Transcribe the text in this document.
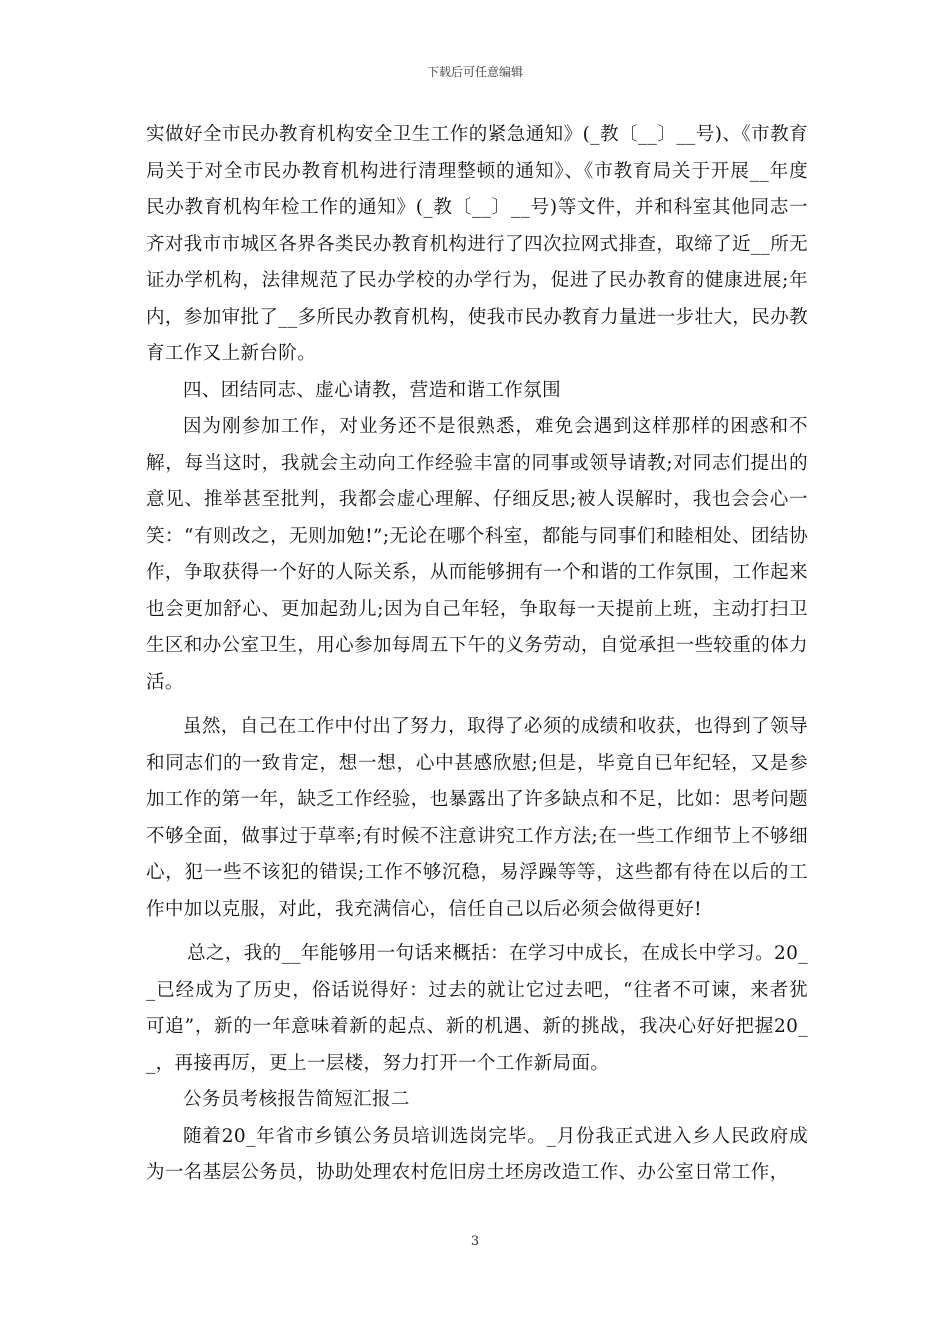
下载后可任意编辑

实做好全市民办教育机构安全卫生工作的紧急通知》(_教〔__〕__号)、《市教育局关于对全市民办教育机构进行清理整顿的通知》、《市教育局关于开展__年度民办教育机构年检工作的通知》(_教〔__〕__号)等文件，并和科室其他同志一齐对我市市城区各界各类民办教育机构进行了四次拉网式排查，取缔了近__所无证办学机构，法律规范了民办学校的办学行为，促进了民办教育的健康进展;年内，参加审批了__多所民办教育机构，使我市民办教育力量进一步壮大，民办教育工作又上新台阶。

四、团结同志、虚心请教，营造和谐工作氛围

因为刚参加工作，对业务还不是很熟悉，难免会遇到这样那样的困惑和不解，每当这时，我就会主动向工作经验丰富的同事或领导请教;对同志们提出的意见、推举甚至批判，我都会虚心理解、仔细反思;被人误解时，我也会会心一笑：“有则改之，无则加勉!”;无论在哪个科室，都能与同事们和睦相处、团结协作，争取获得一个好的人际关系，从而能够拥有一个和谐的工作氛围，工作起来也会更加舒心、更加起劲儿;因为自己年轻，争取每一天提前上班，主动打扫卫生区和办公室卫生，用心参加每周五下午的义务劳动，自觉承担一些较重的体力活。

虽然，自己在工作中付出了努力，取得了必须的成绩和收获，也得到了领导和同志们的一致肯定，想一想，心中甚感欣慰;但是，毕竟自已年纪轻，又是参加工作的第一年，缺乏工作经验，也暴露出了许多缺点和不足，比如：思考问题不够全面，做事过于草率;有时候不注意讲究工作方法;在一些工作细节上不够细心，犯一些不该犯的错误;工作不够沉稳，易浮躁等等，这些都有待在以后的工作中加以克服，对此，我充满信心，信任自己以后必须会做得更好!

总之，我的__年能够用一句话来概括：在学习中成长，在成长中学习。20__已经成为了历史，俗话说得好：过去的就让它过去吧，“往者不可谏，来者犹可追”，新的一年意味着新的起点、新的机遇、新的挑战，我决心好好把握20__，再接再厉，更上一层楼，努力打开一个工作新局面。

公务员考核报告简短汇报二

随着20_年省市乡镇公务员培训选岗完毕。_月份我正式进入乡人民政府成为一名基层公务员，协助处理农村危旧房土坯房改造工作、办公室日常工作，

3
